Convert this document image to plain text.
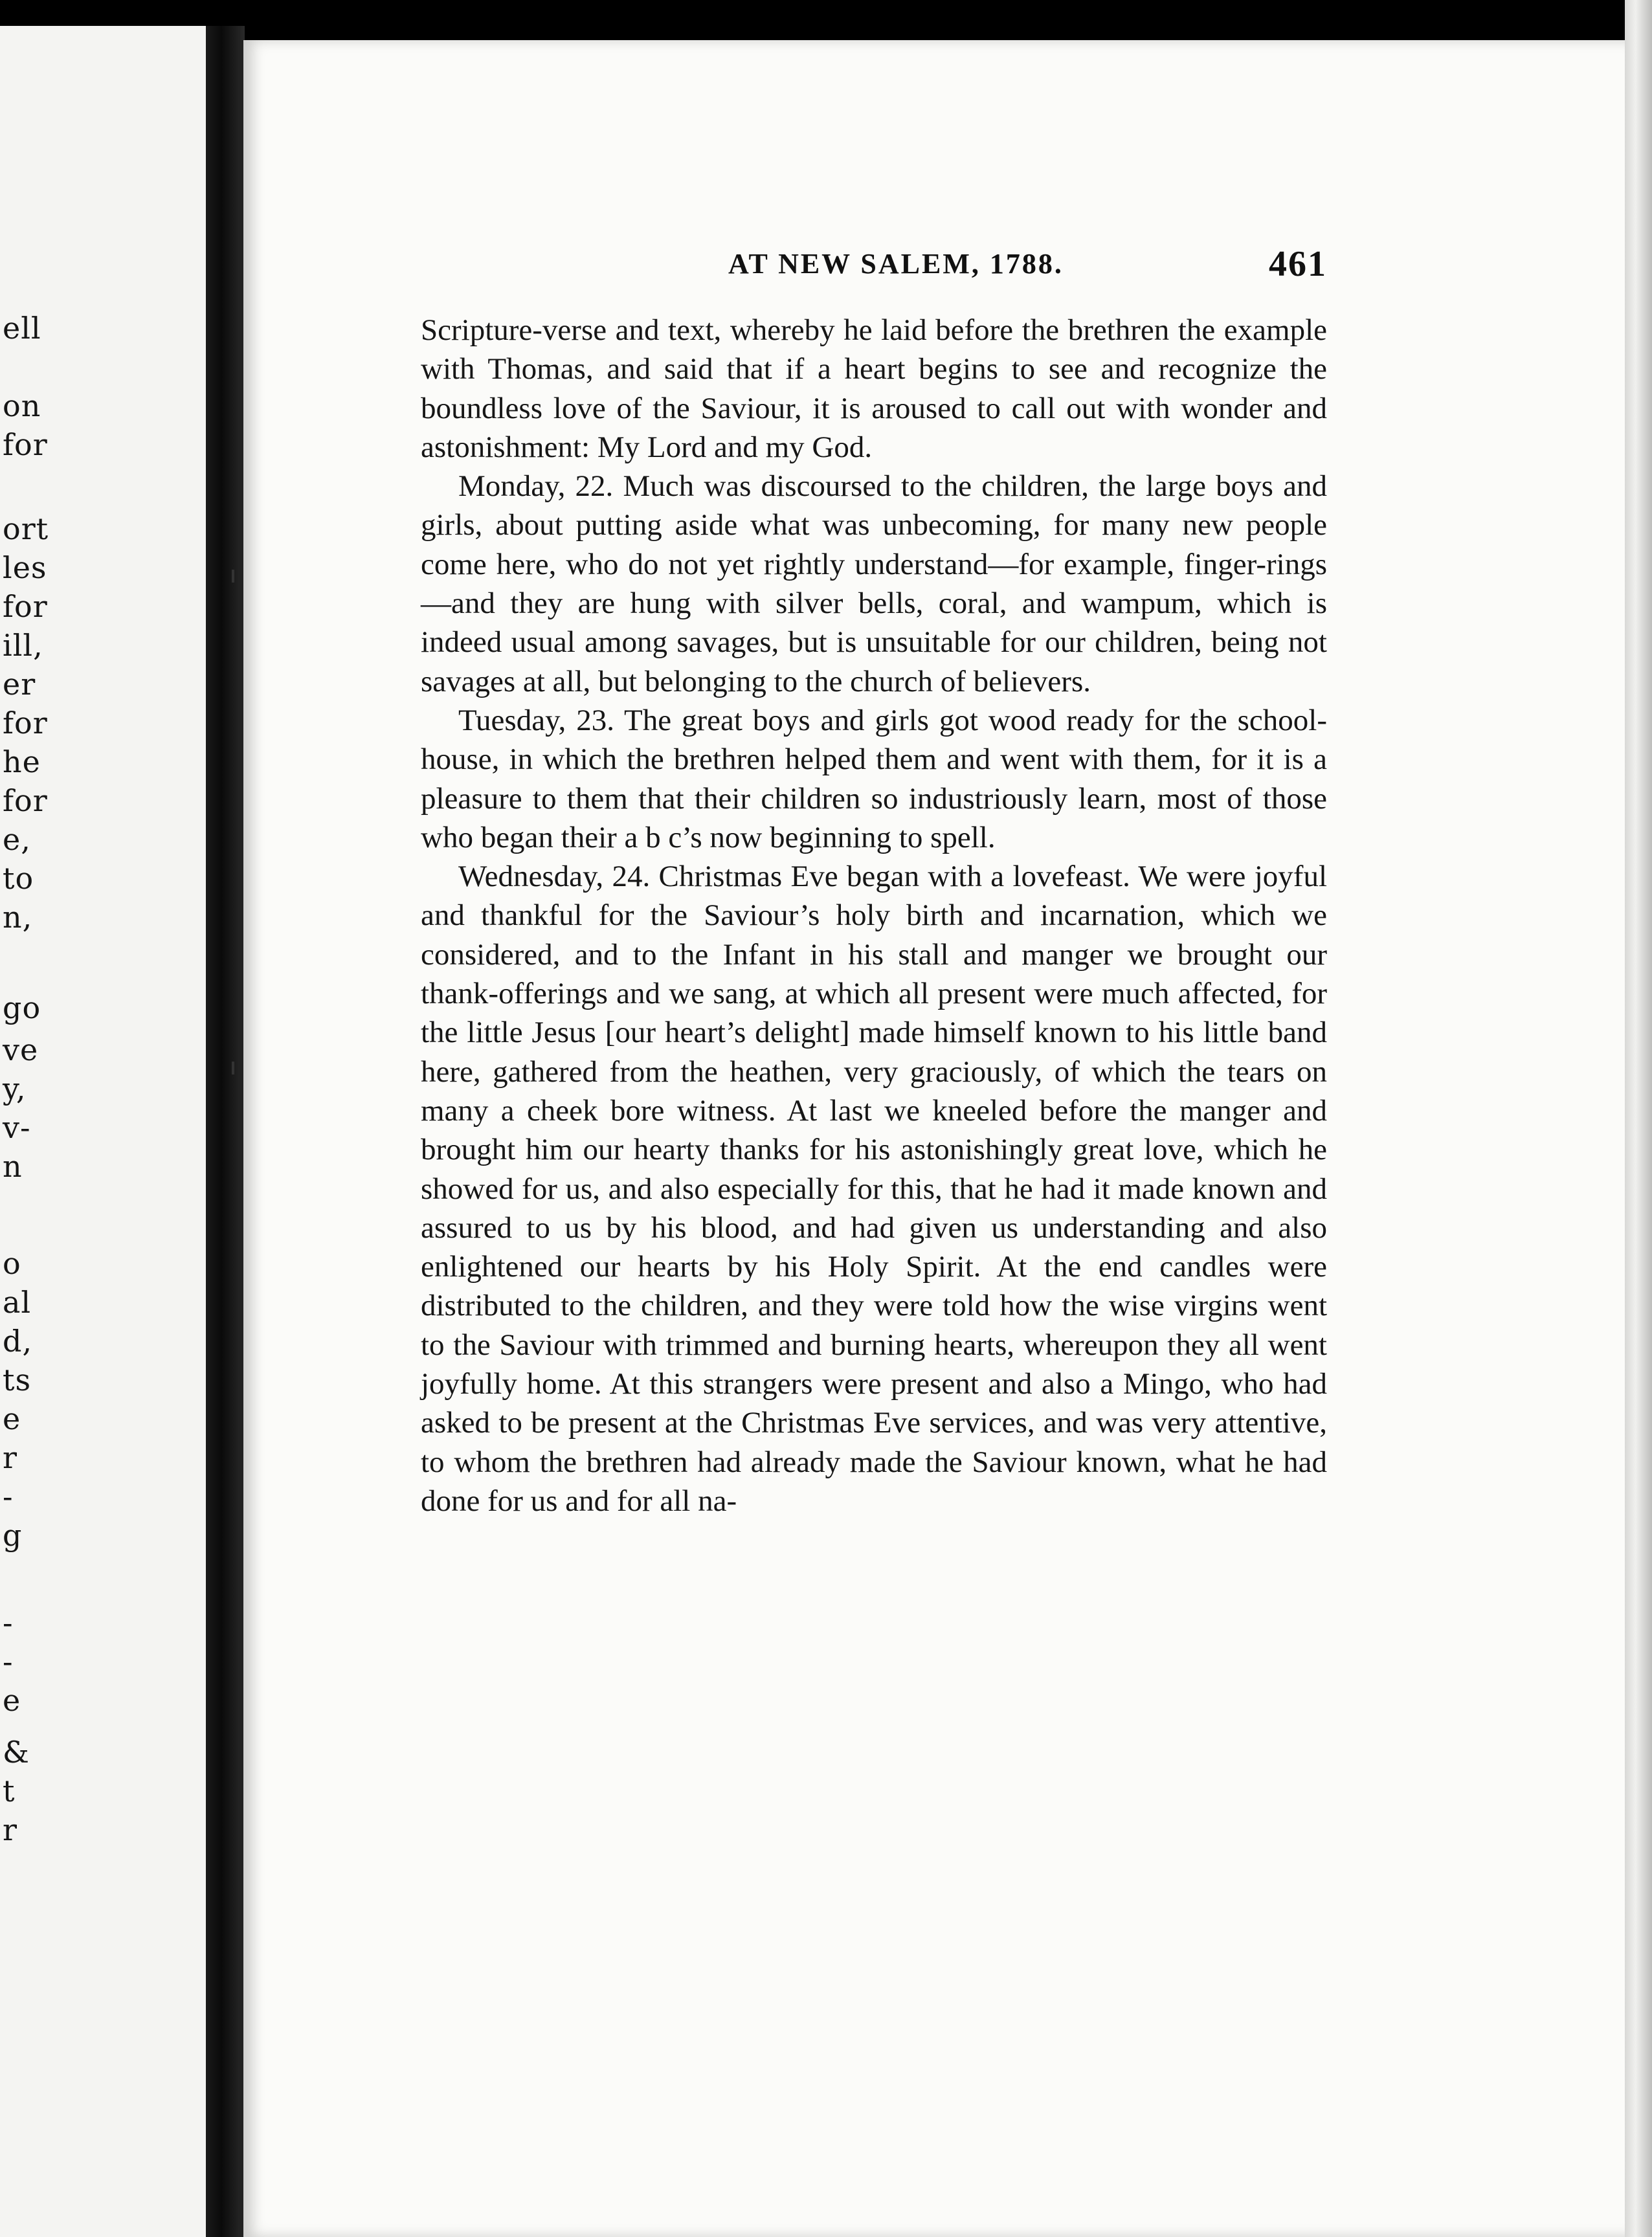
ell
on
for
ort
les
for
ill,
er
for
he
for
e,
to
n,
go
ve
y,
v-
n
o
al
d,
ts
e
r
-
g
-
-
e
&
t
r
AT NEW SALEM, 1788.	461

Scripture-verse and text, whereby he laid before the brethren the example with Thomas, and said that if a heart begins to see and recognize the boundless love of the Saviour, it is aroused to call out with wonder and astonishment: My Lord and my God.

Monday, 22. Much was discoursed to the children, the large boys and girls, about putting aside what was unbecoming, for many new people come here, who do not yet rightly understand—for example, finger-rings—and they are hung with silver bells, coral, and wampum, which is indeed usual among savages, but is unsuitable for our children, being not savages at all, but belonging to the church of believers.

Tuesday, 23. The great boys and girls got wood ready for the school-house, in which the brethren helped them and went with them, for it is a pleasure to them that their children so industriously learn, most of those who began their a b c’s now beginning to spell.

Wednesday, 24. Christmas Eve began with a lovefeast. We were joyful and thankful for the Saviour’s holy birth and incarnation, which we considered, and to the Infant in his stall and manger we brought our thank-offerings and we sang, at which all present were much affected, for the little Jesus [our heart’s delight] made himself known to his little band here, gathered from the heathen, very graciously, of which the tears on many a cheek bore witness. At last we kneeled before the manger and brought him our hearty thanks for his astonishingly great love, which he showed for us, and also especially for this, that he had it made known and assured to us by his blood, and had given us understanding and also enlightened our hearts by his Holy Spirit. At the end candles were distributed to the children, and they were told how the wise virgins went to the Saviour with trimmed and burning hearts, whereupon they all went joyfully home. At this strangers were present and also a Mingo, who had asked to be present at the Christmas Eve services, and was very attentive, to whom the brethren had already made the Saviour known, what he had done for us and for all na-
